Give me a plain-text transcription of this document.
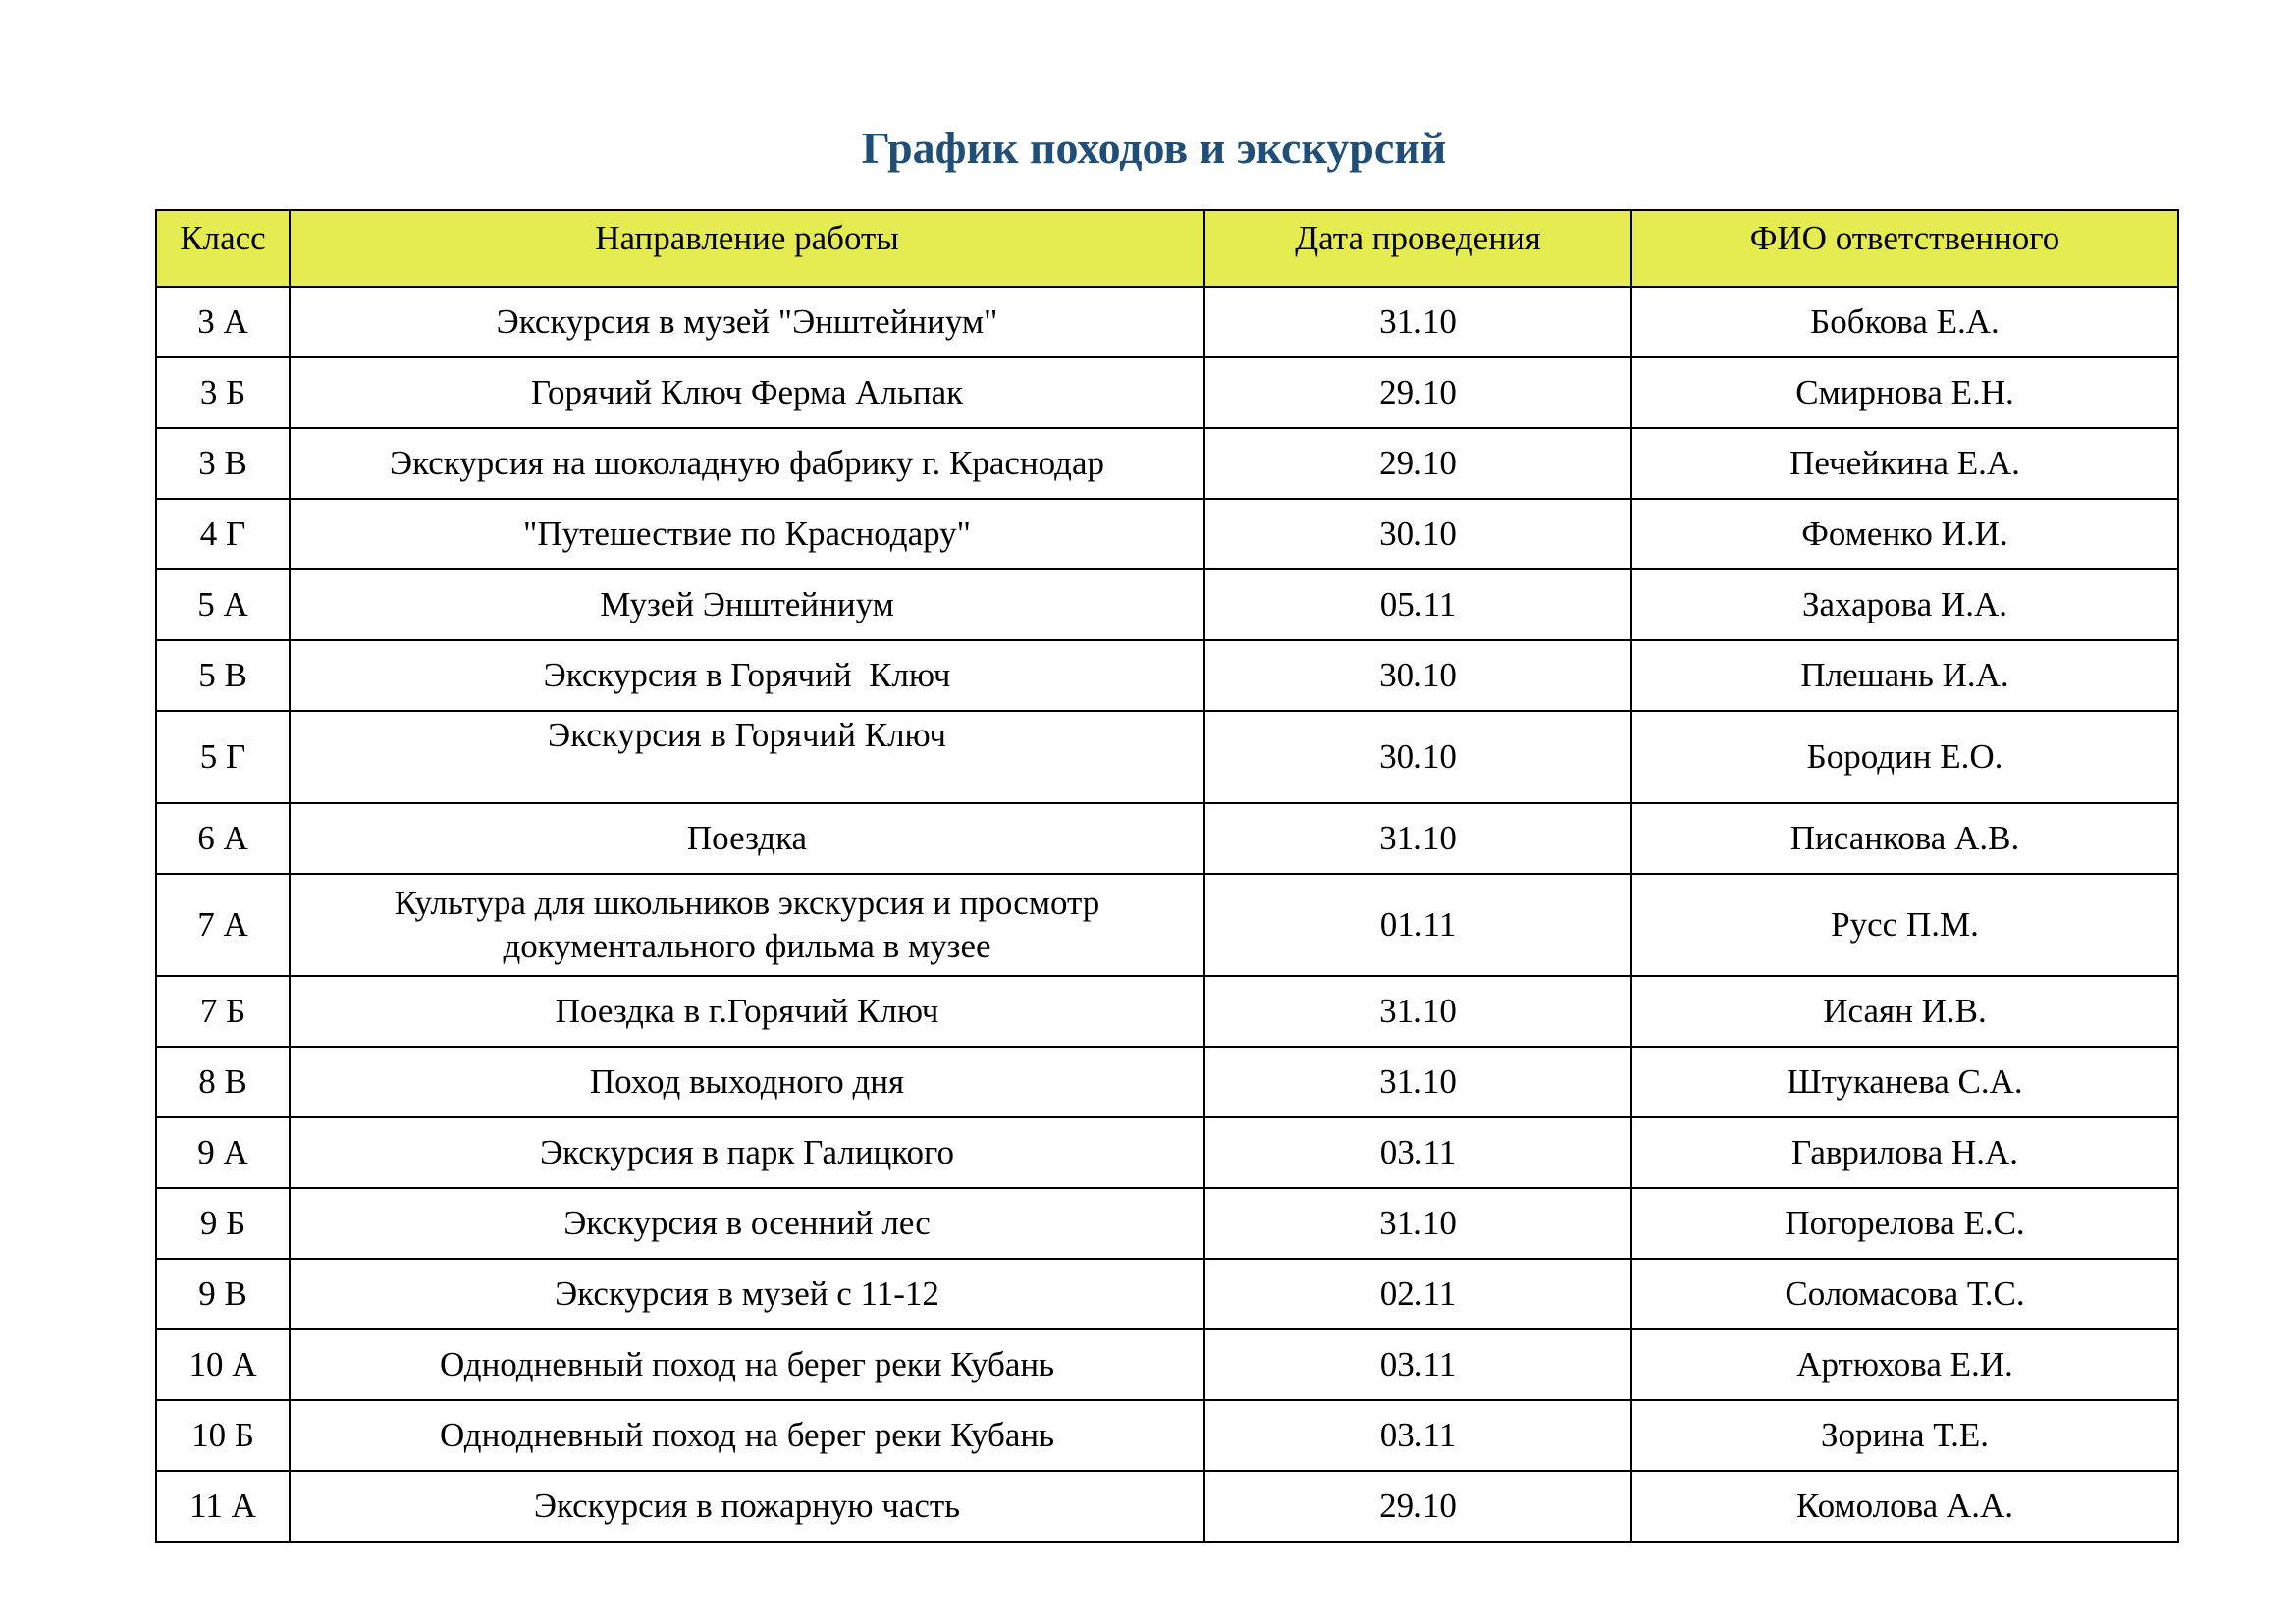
График походов и экскурсий
Класс	Направление работы	Дата проведения	ФИО ответственного
3 А	Экскурсия в музей "Энштейниум"	31.10	Бобкова Е.А.
3 Б	Горячий Ключ Ферма Альпак	29.10	Смирнова Е.Н.
3 В	Экскурсия на шоколадную фабрику г. Краснодар	29.10	Печейкина Е.А.
4 Г	"Путешествие по Краснодару"	30.10	Фоменко И.И.
5 А	Музей Энштейниум	05.11	Захарова И.А.
5 В	Экскурсия в Горячий  Ключ	30.10	Плешань И.А.
5 Г	Экскурсия в Горячий Ключ	30.10	Бородин Е.О.
6 А	Поездка	31.10	Писанкова А.В.
7 А	Культура для школьников экскурсия и просмотр документального фильма в музее	01.11	Русс П.М.
7 Б	Поездка в г.Горячий Ключ	31.10	Исаян И.В.
8 В	Поход выходного дня	31.10	Штуканева С.А.
9 А	Экскурсия в парк Галицкого	03.11	Гаврилова Н.А.
9 Б	Экскурсия в осенний лес	31.10	Погорелова Е.С.
9 В	Экскурсия в музей с 11-12	02.11	Соломасова Т.С.
10 А	Однодневный поход на берег реки Кубань	03.11	Артюхова Е.И.
10 Б	Однодневный поход на берег реки Кубань	03.11	Зорина Т.Е.
11 А	Экскурсия в пожарную часть	29.10	Комолова А.А.
